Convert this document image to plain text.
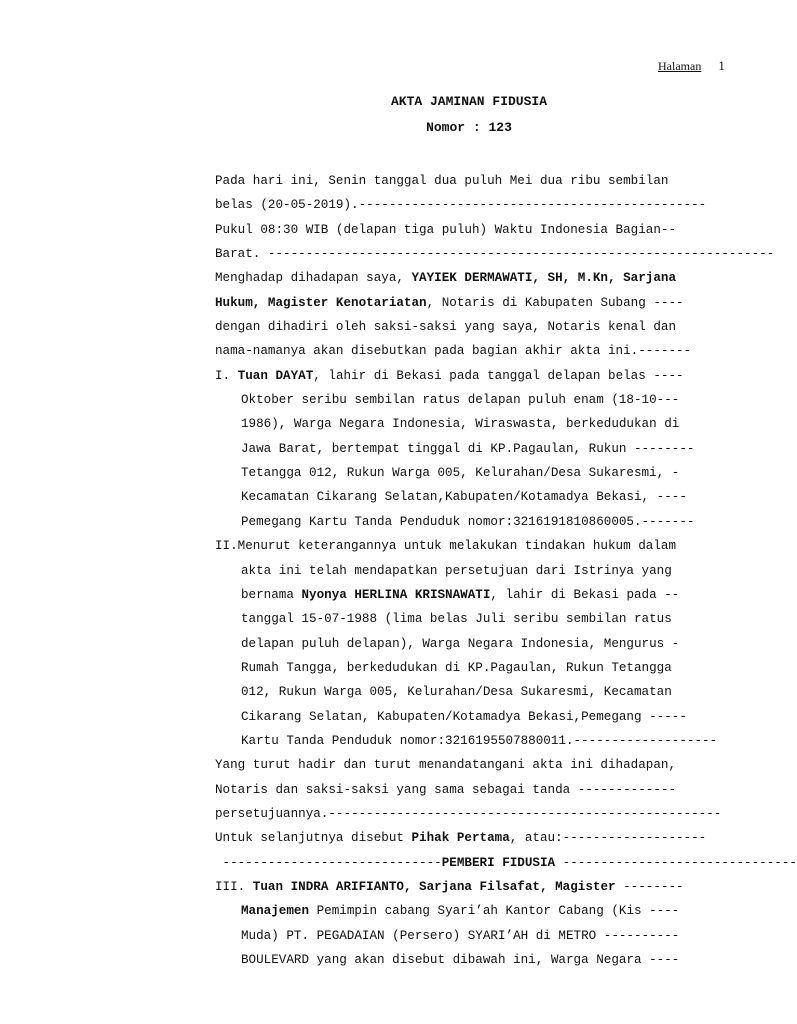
Halaman 1
AKTA JAMINAN FIDUSIA
Nomor : 123
Pada hari ini, Senin tanggal dua puluh Mei dua ribu sembilan
belas (20-05-2019).----------------------------------------------
Pukul 08:30 WIB (delapan tiga puluh) Waktu Indonesia Bagian--
Barat. -------------------------------------------------------------------
Menghadap dihadapan saya, YAYIEK DERMAWATI, SH, M.Kn, Sarjana
Hukum, Magister Kenotariatan, Notaris di Kabupaten Subang ----
dengan dihadiri oleh saksi-saksi yang saya, Notaris kenal dan
nama-namanya akan disebutkan pada bagian akhir akta ini.-------
I. Tuan DAYAT, lahir di Bekasi pada tanggal delapan belas ----
Oktober seribu sembilan ratus delapan puluh enam (18-10---
1986), Warga Negara Indonesia, Wiraswasta, berkedudukan di
Jawa Barat, bertempat tinggal di KP.Pagaulan, Rukun --------
Tetangga 012, Rukun Warga 005, Kelurahan/Desa Sukaresmi, -
Kecamatan Cikarang Selatan,Kabupaten/Kotamadya Bekasi, ----
Pemegang Kartu Tanda Penduduk nomor:3216191810860005.-------
II.Menurut keterangannya untuk melakukan tindakan hukum dalam
akta ini telah mendapatkan persetujuan dari Istrinya yang
bernama Nyonya HERLINA KRISNAWATI, lahir di Bekasi pada --
tanggal 15-07-1988 (lima belas Juli seribu sembilan ratus
delapan puluh delapan), Warga Negara Indonesia, Mengurus -
Rumah Tangga, berkedudukan di KP.Pagaulan, Rukun Tetangga
012, Rukun Warga 005, Kelurahan/Desa Sukaresmi, Kecamatan
Cikarang Selatan, Kabupaten/Kotamadya Bekasi,Pemegang -----
Kartu Tanda Penduduk nomor:3216195507880011.-------------------
Yang turut hadir dan turut menandatangani akta ini dihadapan,
Notaris dan saksi-saksi yang sama sebagai tanda -------------
persetujuannya.----------------------------------------------------
Untuk selanjutnya disebut Pihak Pertama, atau:-------------------
-----------------------------PEMBERI FIDUSIA -------------------------------
III. Tuan INDRA ARIFIANTO, Sarjana Filsafat, Magister --------
Manajemen Pemimpin cabang Syari’ah Kantor Cabang (Kis ----
Muda) PT. PEGADAIAN (Persero) SYARI’AH di METRO ----------
BOULEVARD yang akan disebut dibawah ini, Warga Negara ----
